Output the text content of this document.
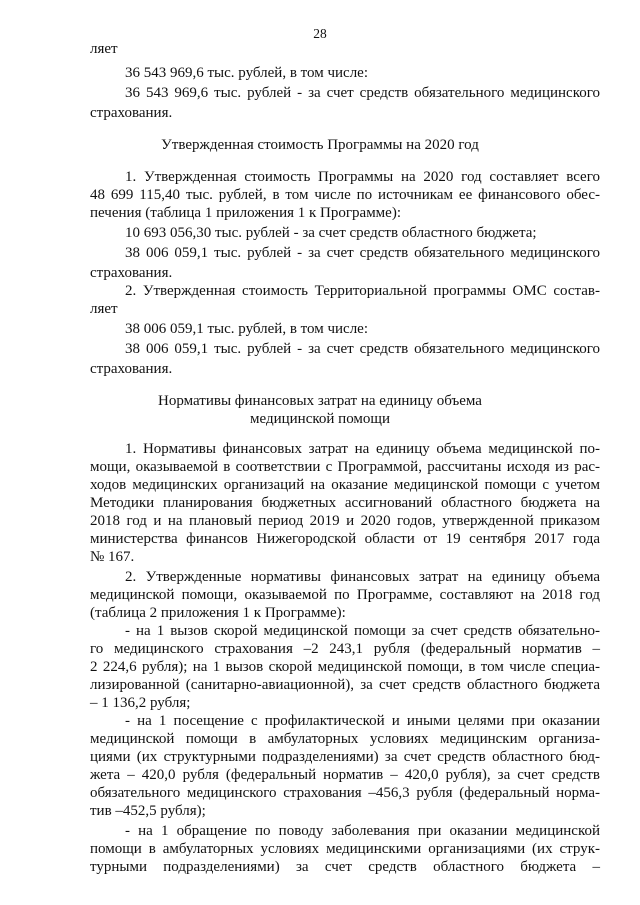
28
ляет
36 543 969,6 тыс. рублей, в том числе:
36 543 969,6 тыс. рублей - за счет средств обязательного медицинского
страхования.
Утвержденная стоимость Программы на 2020 год
1. Утвержденная стоимость Программы на 2020 год составляет всего
48 699 115,40 тыс. рублей, в том числе по источникам ее финансового обес-
печения (таблица 1 приложения 1 к Программе):
10 693 056,30 тыс. рублей - за счет средств областного бюджета;
38 006 059,1 тыс. рублей - за счет средств обязательного медицинского
страхования.
2. Утвержденная стоимость Территориальной программы ОМС состав-
ляет
38 006 059,1 тыс. рублей, в том числе:
38 006 059,1 тыс. рублей - за счет средств обязательного медицинского
страхования.
Нормативы финансовых затрат на единицу объема
медицинской помощи
1. Нормативы финансовых затрат на единицу объема медицинской по-
мощи, оказываемой в соответствии с Программой, рассчитаны исходя из рас-
ходов медицинских организаций на оказание медицинской помощи с учетом
Методики планирования бюджетных ассигнований областного бюджета на
2018 год и на плановый период 2019 и 2020 годов, утвержденной приказом
министерства финансов Нижегородской области от 19 сентября 2017 года
№ 167.
2. Утвержденные нормативы финансовых затрат на единицу объема
медицинской помощи, оказываемой по Программе, составляют на 2018 год
(таблица 2 приложения 1 к Программе):
- на 1 вызов скорой медицинской помощи за счет средств обязательно-
го медицинского страхования –2 243,1 рубля (федеральный норматив –
2 224,6 рубля); на 1 вызов скорой медицинской помощи, в том числе специа-
лизированной (санитарно-авиационной), за счет средств областного бюджета
– 1 136,2 рубля;
- на 1 посещение с профилактической и иными целями при оказании
медицинской помощи в амбулаторных условиях медицинским организа-
циями (их структурными подразделениями) за счет средств областного бюд-
жета – 420,0 рубля (федеральный норматив – 420,0 рубля), за счет средств
обязательного медицинского страхования –456,3 рубля (федеральный норма-
тив –452,5 рубля);
- на 1 обращение по поводу заболевания при оказании медицинской
помощи в амбулаторных условиях медицинскими организациями (их струк-
турными подразделениями) за счет средств областного бюджета –
